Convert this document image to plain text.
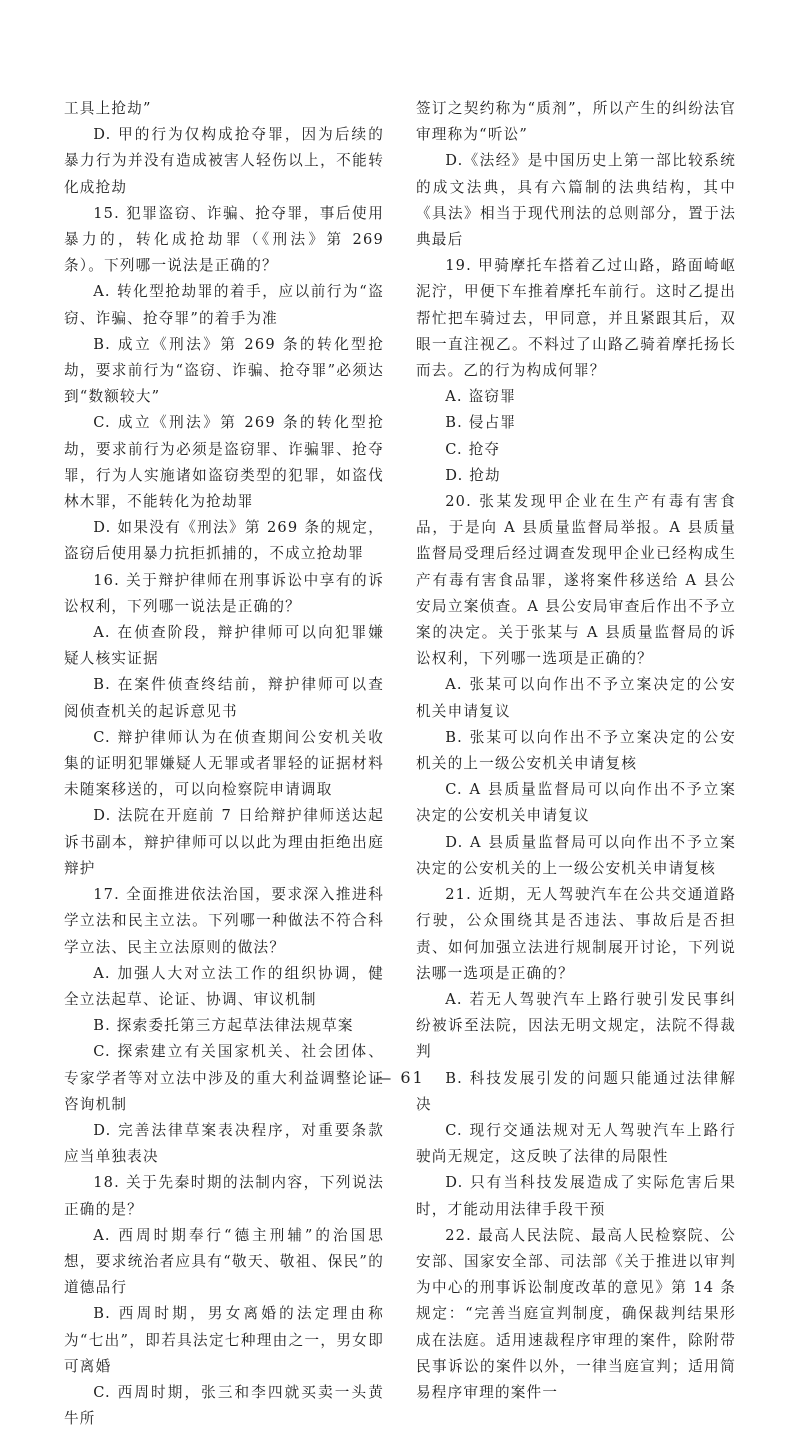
工具上抢劫”

D. 甲的行为仅构成抢夺罪，因为后续的暴力行为并没有造成被害人轻伤以上，不能转化成抢劫

15. 犯罪盗窃、诈骗、抢夺罪，事后使用暴力的，转化成抢劫罪（《刑法》第 269 条）。下列哪一说法是正确的？

A. 转化型抢劫罪的着手，应以前行为“盗窃、诈骗、抢夺罪”的着手为准

B. 成立《刑法》第 269 条的转化型抢劫，要求前行为“盗窃、诈骗、抢夺罪”必须达到“数额较大”

C. 成立《刑法》第 269 条的转化型抢劫，要求前行为必须是盗窃罪、诈骗罪、抢夺罪，行为人实施诸如盗窃类型的犯罪，如盗伐林木罪，不能转化为抢劫罪

D. 如果没有《刑法》第 269 条的规定，盗窃后使用暴力抗拒抓捕的，不成立抢劫罪

16. 关于辩护律师在刑事诉讼中享有的诉讼权利，下列哪一说法是正确的？

A. 在侦查阶段，辩护律师可以向犯罪嫌疑人核实证据

B. 在案件侦查终结前，辩护律师可以查阅侦查机关的起诉意见书

C. 辩护律师认为在侦查期间公安机关收集的证明犯罪嫌疑人无罪或者罪轻的证据材料未随案移送的，可以向检察院申请调取

D. 法院在开庭前 7 日给辩护律师送达起诉书副本，辩护律师可以以此为理由拒绝出庭辩护

17. 全面推进依法治国，要求深入推进科学立法和民主立法。下列哪一种做法不符合科学立法、民主立法原则的做法？

A. 加强人大对立法工作的组织协调，健全立法起草、论证、协调、审议机制

B. 探索委托第三方起草法律法规草案

C. 探索建立有关国家机关、社会团体、专家学者等对立法中涉及的重大利益调整论证咨询机制

D. 完善法律草案表决程序，对重要条款应当单独表决

18. 关于先秦时期的法制内容，下列说法正确的是？

A. 西周时期奉行“德主刑辅”的治国思想，要求统治者应具有“敬天、敬祖、保民”的道德品行

B. 西周时期，男女离婚的法定理由称为“七出”，即若具法定七种理由之一，男女即可离婚

C. 西周时期，张三和李四就买卖一头黄牛所

签订之契约称为“质剂”，所以产生的纠纷法官审理称为“听讼”

D.《法经》是中国历史上第一部比较系统的成文法典，具有六篇制的法典结构，其中《具法》相当于现代刑法的总则部分，置于法典最后

19. 甲骑摩托车搭着乙过山路，路面崎岖泥泞，甲便下车推着摩托车前行。这时乙提出帮忙把车骑过去，甲同意，并且紧跟其后，双眼一直注视乙。不料过了山路乙骑着摩托扬长而去。乙的行为构成何罪？

A. 盗窃罪

B. 侵占罪

C. 抢夺

D. 抢劫

20. 张某发现甲企业在生产有毒有害食品，于是向 A 县质量监督局举报。A 县质量监督局受理后经过调查发现甲企业已经构成生产有毒有害食品罪，遂将案件移送给 A 县公安局立案侦查。A 县公安局审查后作出不予立案的决定。关于张某与 A 县质量监督局的诉讼权利，下列哪一选项是正确的？

A. 张某可以向作出不予立案决定的公安机关申请复议

B. 张某可以向作出不予立案决定的公安机关的上一级公安机关申请复核

C. A 县质量监督局可以向作出不予立案决定的公安机关申请复议

D. A 县质量监督局可以向作出不予立案决定的公安机关的上一级公安机关申请复核

21. 近期，无人驾驶汽车在公共交通道路行驶，公众围绕其是否违法、事故后是否担责、如何加强立法进行规制展开讨论，下列说法哪一选项是正确的？

A. 若无人驾驶汽车上路行驶引发民事纠纷被诉至法院，因法无明文规定，法院不得裁判

B. 科技发展引发的问题只能通过法律解决

C. 现行交通法规对无人驾驶汽车上路行驶尚无规定，这反映了法律的局限性

D. 只有当科技发展造成了实际危害后果时，才能动用法律手段干预

22. 最高人民法院、最高人民检察院、公安部、国家安全部、司法部《关于推进以审判为中心的刑事诉讼制度改革的意见》第 14 条规定：“完善当庭宣判制度，确保裁判结果形成在法庭。适用速裁程序审理的案件，除附带民事诉讼的案件以外，一律当庭宣判；适用简易程序审理的案件一

— 61
